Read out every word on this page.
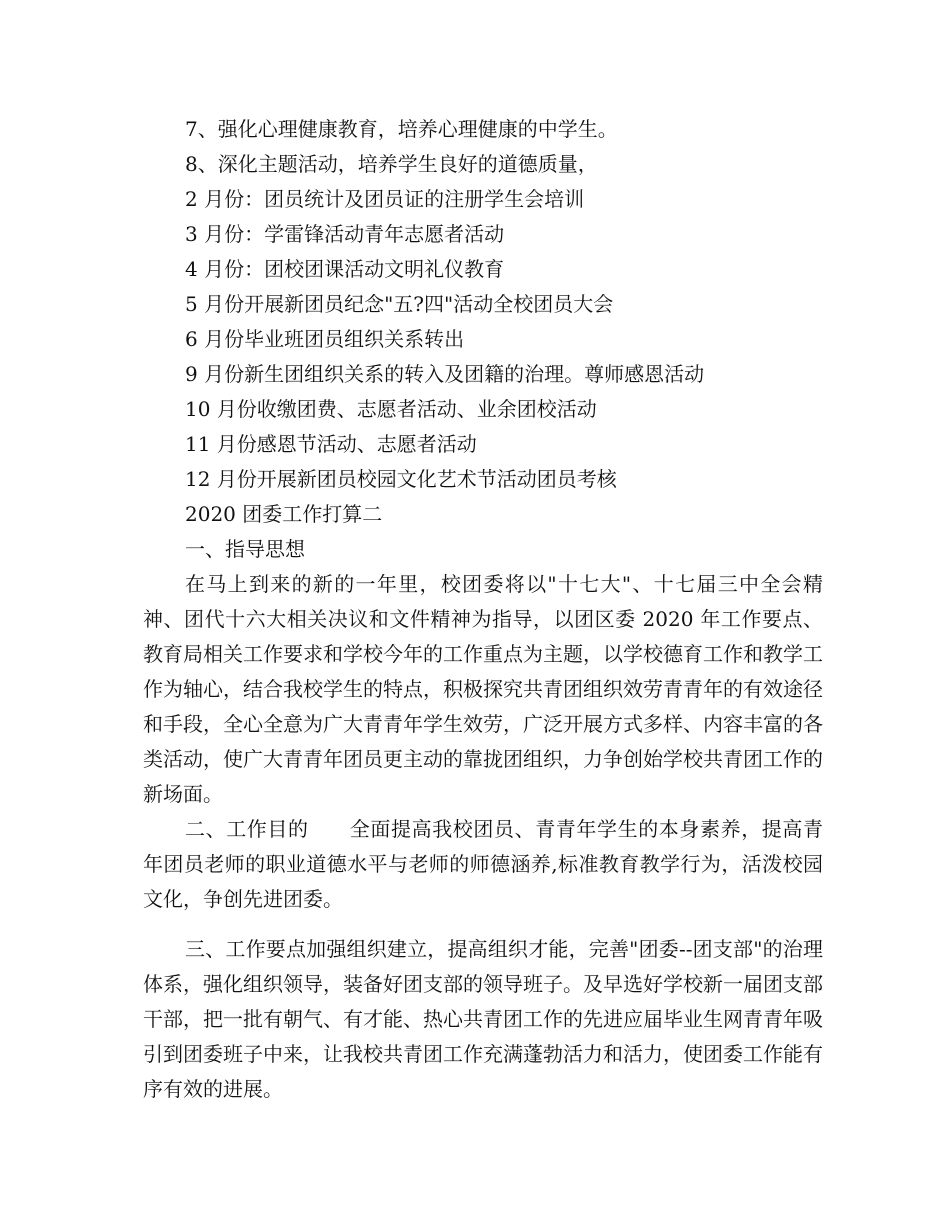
7、强化心理健康教育，培养心理健康的中学生。
8、深化主题活动，培养学生良好的道德质量，
2 月份：团员统计及团员证的注册学生会培训
3 月份：学雷锋活动青年志愿者活动
4 月份：团校团课活动文明礼仪教育
5 月份开展新团员纪念"五?四"活动全校团员大会
6 月份毕业班团员组织关系转出
9 月份新生团组织关系的转入及团籍的治理。尊师感恩活动
10 月份收缴团费、志愿者活动、业余团校活动
11 月份感恩节活动、志愿者活动
12 月份开展新团员校园文化艺术节活动团员考核
2020 团委工作打算二
一、指导思想

在马上到来的新的一年里，校团委将以"十七大"、十七届三中全会精神、团代十六大相关决议和文件精神为指导，以团区委 2020 年工作要点、教育局相关工作要求和学校今年的工作重点为主题，以学校德育工作和教学工作为轴心，结合我校学生的特点，积极探究共青团组织效劳青青年的有效途径和手段，全心全意为广大青青年学生效劳，广泛开展方式多样、内容丰富的各类活动，使广大青青年团员更主动的靠拢团组织，力争创始学校共青团工作的新场面。

二、工作目的　　全面提高我校团员、青青年学生的本身素养，提高青年团员老师的职业道德水平与老师的师德涵养,标准教育教学行为，活泼校园文化，争创先进团委。

三、工作要点加强组织建立，提高组织才能，完善"团委--团支部"的治理体系，强化组织领导，装备好团支部的领导班子。及早选好学校新一届团支部干部，把一批有朝气、有才能、热心共青团工作的先进应届毕业生网青青年吸引到团委班子中来，让我校共青团工作充满蓬勃活力和活力，使团委工作能有序有效的进展。
